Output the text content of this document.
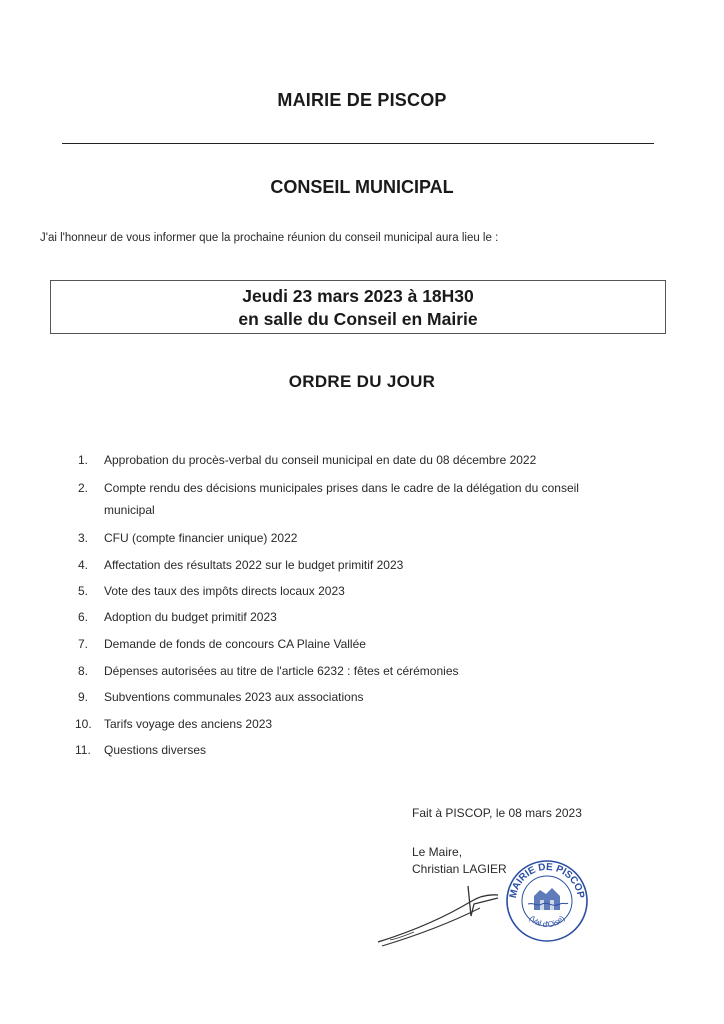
MAIRIE DE PISCOP
CONSEIL MUNICIPAL
J'ai l'honneur de vous informer que la prochaine réunion du conseil municipal aura lieu le :
Jeudi 23 mars 2023 à 18H30
en salle du Conseil en Mairie
ORDRE DU JOUR
1. Approbation du procès-verbal du conseil municipal en date du 08 décembre 2022
2. Compte rendu des décisions municipales prises dans le cadre de la délégation du conseil
municipal
3. CFU (compte financier unique) 2022
4. Affectation des résultats 2022 sur le budget primitif 2023
5. Vote des taux des impôts directs locaux 2023
6. Adoption du budget primitif 2023
7. Demande de fonds de concours CA Plaine Vallée
8. Dépenses autorisées au titre de l'article 6232 : fêtes et cérémonies
9. Subventions communales 2023 aux associations
10. Tarifs voyage des anciens 2023
11. Questions diverses
Fait à PISCOP, le 08 mars 2023
Le Maire,
Christian LAGIER
MAIRIE DE PISCOP
(Val d'Oise)
